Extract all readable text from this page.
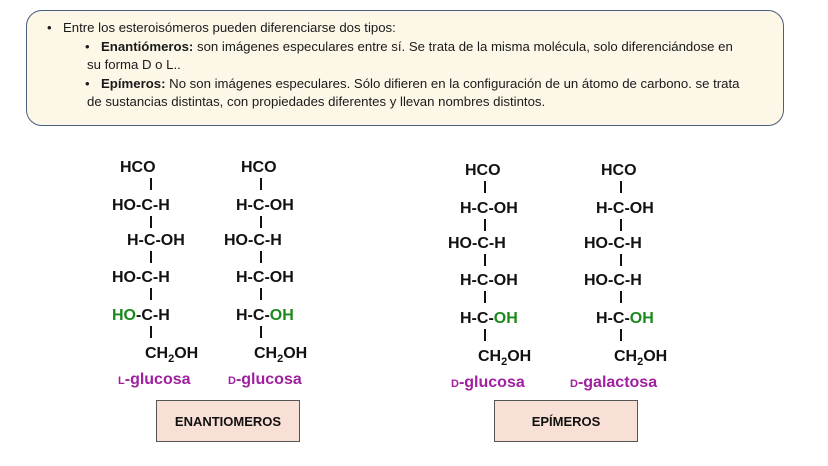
• Entre los esteroisómeros pueden diferenciarse dos tipos:
• Enantiómeros: son imágenes especulares entre sí. Se trata de la misma molécula, solo diferenciándose en
su forma D o L..
• Epímeros: No son imágenes especulares. Sólo difieren en la configuración de un átomo de carbono. se trata
de sustancias distintas, con propiedades diferentes y llevan nombres distintos.
HCO
HO-C-H
H-C-OH
HO-C-H
HO-C-H
$CH_2OH$
HCO
H-C-OH
HO-C-H
H-C-OH
H-C-OH
$CH_2OH$
HCO
H-C-OH
HO-C-H
H-C-OH
H-C-OH
$CH_2OH$
HCO
H-C-OH
HO-C-H
HO-C-H
H-C-OH
$CH_2OH$
L-glucosa	D-glucosa	D-glucosa	D-galactosa
ENANTIOMEROS	EPÍMEROS
